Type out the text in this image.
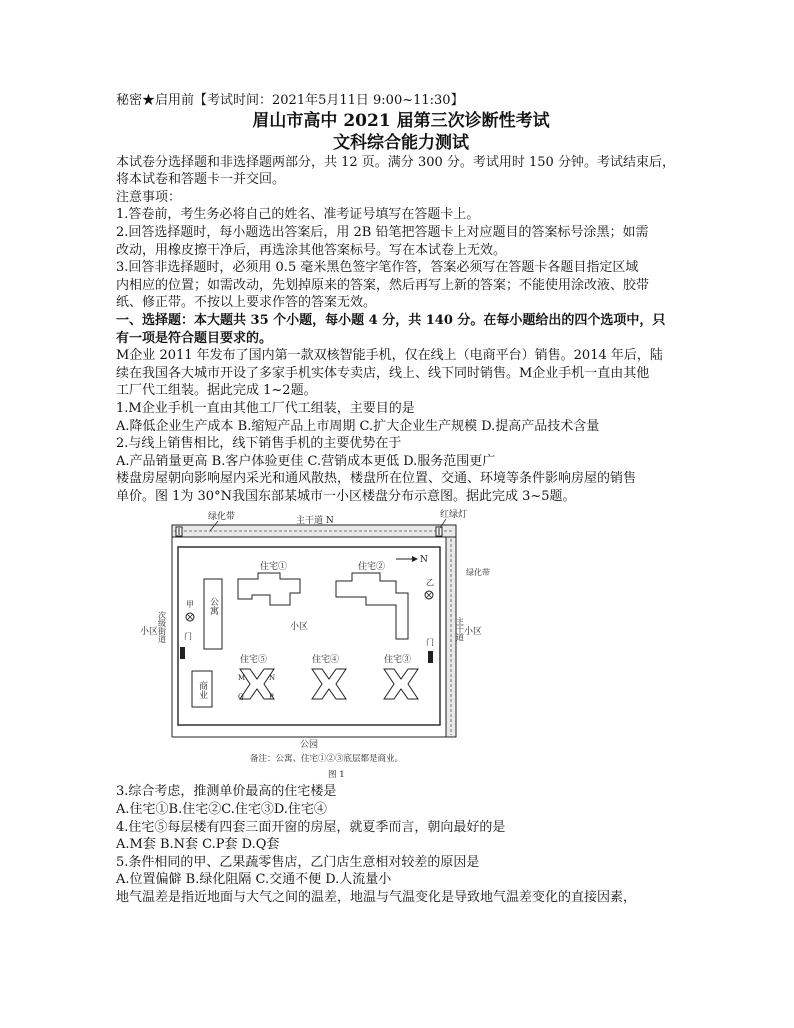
秘密★启用前【考试时间：2021年5月11日 9:00~11:30】
眉山市高中 2021 届第三次诊断性考试
文科综合能力测试
本试卷分选择题和非选择题两部分，共 12 页。满分 300 分。考试用时 150 分钟。考试结束后，
将本试卷和答题卡一并交回。
注意事项：
1.答卷前，考生务必将自己的姓名、准考证号填写在答题卡上。
2.回答选择题时，每小题选出答案后，用 2B 铅笔把答题卡上对应题目的答案标号涂黑；如需
改动，用橡皮擦干净后，再选涂其他答案标号。写在本试卷上无效。
3.回答非选择题时，必须用 0.5 毫米黑色签字笔作答，答案必须写在答题卡各题目指定区域
内相应的位置；如需改动，先划掉原来的答案，然后再写上新的答案；不能使用涂改液、胶带
纸、修正带。不按以上要求作答的答案无效。
一、选择题：本大题共 35 个小题，每小题 4 分，共 140 分。在每小题给出的四个选项中，只
有一项是符合题目要求的。
M企业 2011 年发布了国内第一款双核智能手机，仅在线上（电商平台）销售。2014 年后，陆
续在我国各大城市开设了多家手机实体专卖店，线上、线下同时销售。M企业手机一直由其他
工厂代工组装。据此完成 1~2题。
1.M企业手机一直由其他工厂代工组装，主要目的是
A.降低企业生产成本 B.缩短产品上市周期 C.扩大企业生产规模 D.提高产品技术含量
2.与线上销售相比，线下销售手机的主要优势在于
A.产品销量更高 B.客户体验更佳 C.营销成本更低 D.服务范围更广
楼盘房屋朝向影响屋内采光和通风散热，楼盘所在位置、交通、环境等条件影响房屋的销售
单价。图 1为 30°N我国东部某城市一小区楼盘分布示意图。据此完成 3~5题。
绿化带	红绿灯
主干道 N
N
绿化带
小区
主干道
小区 次级街道
公寓
甲
门
住宅①
小区
住宅②
乙
门
住宅⑤
M	N
Q	P
住宅④	住宅③
商业
公园
备注：公寓、住宅①②③底层都是商业。
图 1
3.综合考虑，推测单价最高的住宅楼是
A.住宅①B.住宅②C.住宅③D.住宅④
4.住宅⑤每层楼有四套三面开窗的房屋，就夏季而言，朝向最好的是
A.M套 B.N套 C.P套 D.Q套
5.条件相同的甲、乙果蔬零售店，乙门店生意相对较差的原因是
A.位置偏僻 B.绿化阻隔 C.交通不便 D.人流量小
地气温差是指近地面与大气之间的温差，地温与气温变化是导致地气温差变化的直接因素，
